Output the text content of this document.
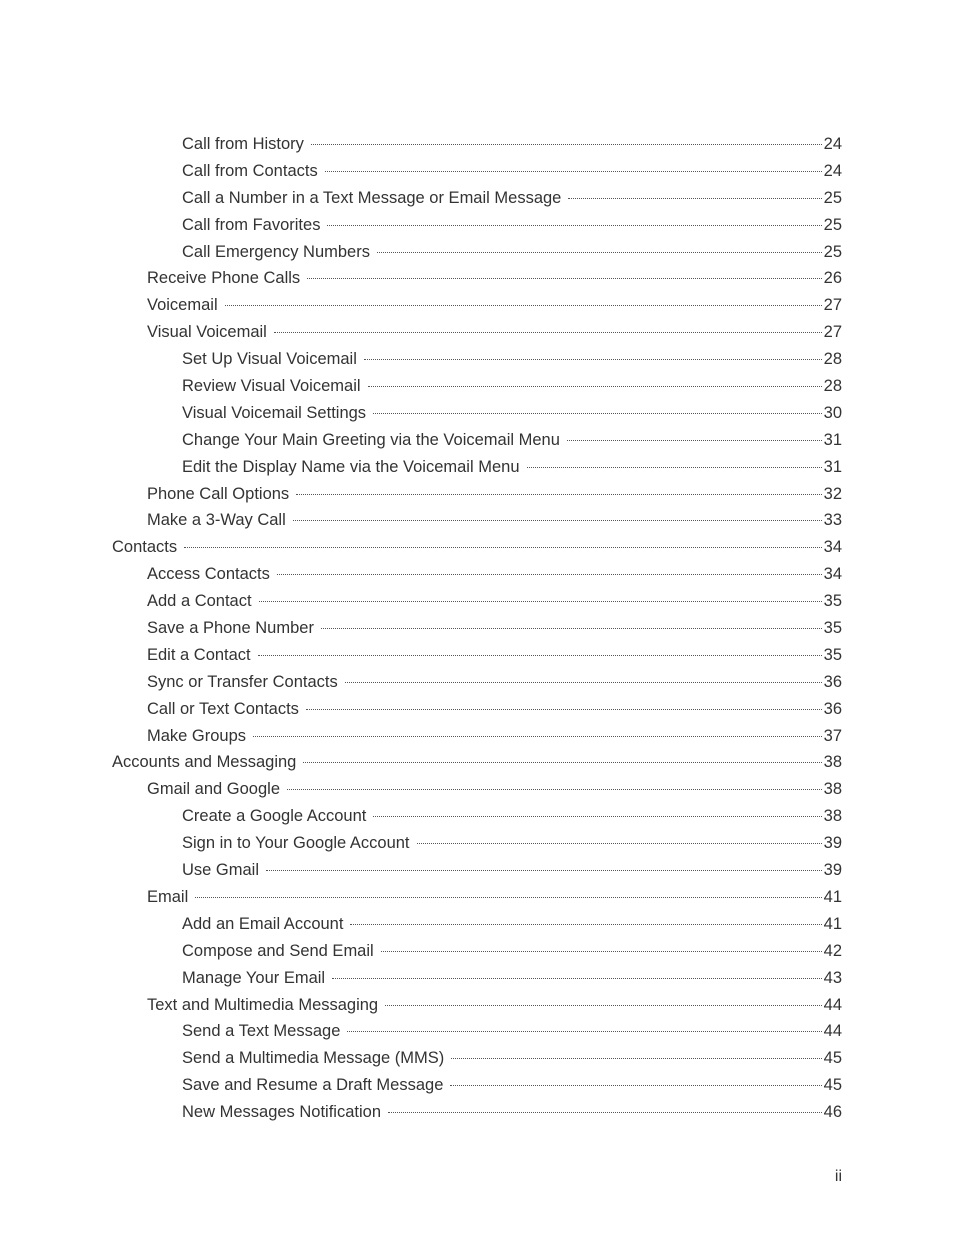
Call from History	24
Call from Contacts	24
Call a Number in a Text Message or Email Message	25
Call from Favorites	25
Call Emergency Numbers	25
Receive Phone Calls	26
Voicemail	27
Visual Voicemail	27
Set Up Visual Voicemail	28
Review Visual Voicemail	28
Visual Voicemail Settings	30
Change Your Main Greeting via the Voicemail Menu	31
Edit the Display Name via the Voicemail Menu	31
Phone Call Options	32
Make a 3-Way Call	33
Contacts	34
Access Contacts	34
Add a Contact	35
Save a Phone Number	35
Edit a Contact	35
Sync or Transfer Contacts	36
Call or Text Contacts	36
Make Groups	37
Accounts and Messaging	38
Gmail and Google	38
Create a Google Account	38
Sign in to Your Google Account	39
Use Gmail	39
Email	41
Add an Email Account	41
Compose and Send Email	42
Manage Your Email	43
Text and Multimedia Messaging	44
Send a Text Message	44
Send a Multimedia Message (MMS)	45
Save and Resume a Draft Message	45
New Messages Notification	46
ii
